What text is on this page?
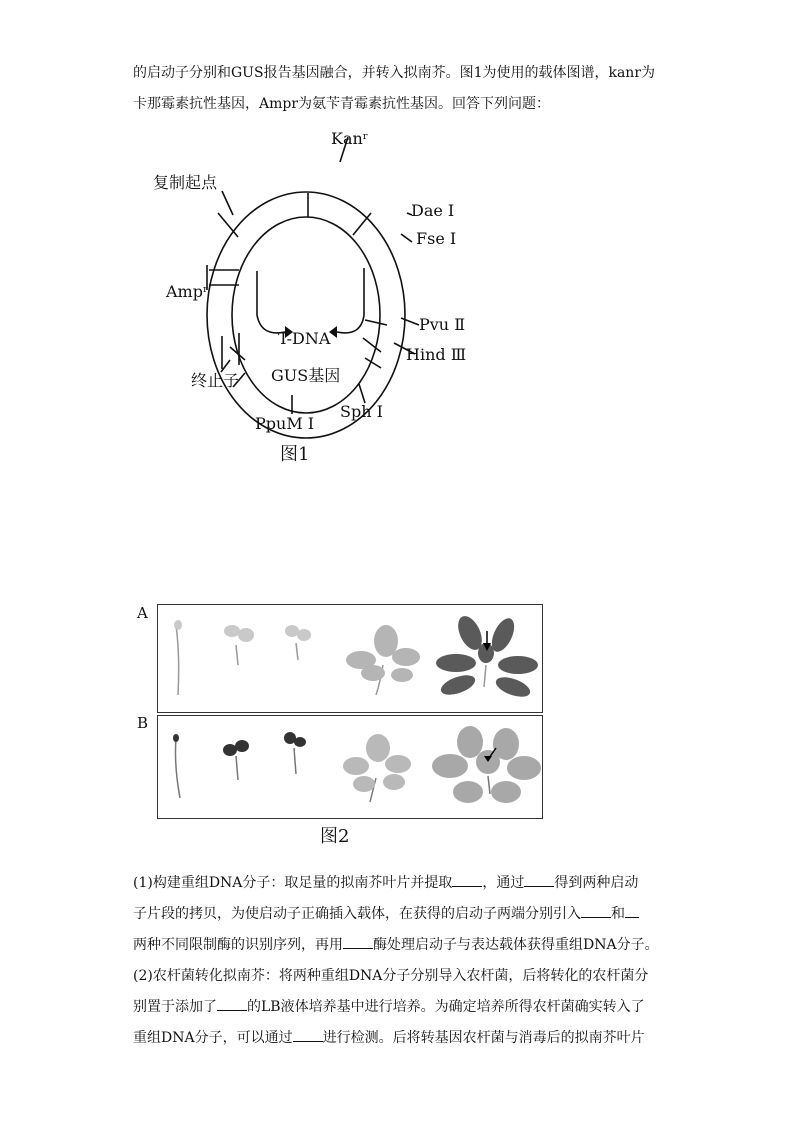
的启动子分别和GUS报告基因融合，并转入拟南芥。图1为使用的载体图谱，kanr为
卡那霉素抗性基因，Ampr为氨苄青霉素抗性基因。回答下列问题：
Kanʳ
复制起点
Dae Ⅰ
Fse Ⅰ
Ampʳ
Pvu Ⅱ
T-DNA
Hind Ⅲ
终止子 GUS基因
Sph Ⅰ
PpuM Ⅰ
图1
A
B
图2
(1)构建重组DNA分子：取足量的拟南芥叶片并提取 ，通过 得到两种启动
子片段的拷贝，为使启动子正确插入载体，在获得的启动子两端分别引入 和
两种不同限制酶的识别序列，再用 酶处理启动子与表达载体获得重组DNA分子。
(2)农杆菌转化拟南芥：将两种重组DNA分子分别导入农杆菌，后将转化的农杆菌分
别置于添加了 的LB液体培养基中进行培养。为确定培养所得农杆菌确实转入了
重组DNA分子，可以通过 进行检测。后将转基因农杆菌与消毒后的拟南芥叶片
